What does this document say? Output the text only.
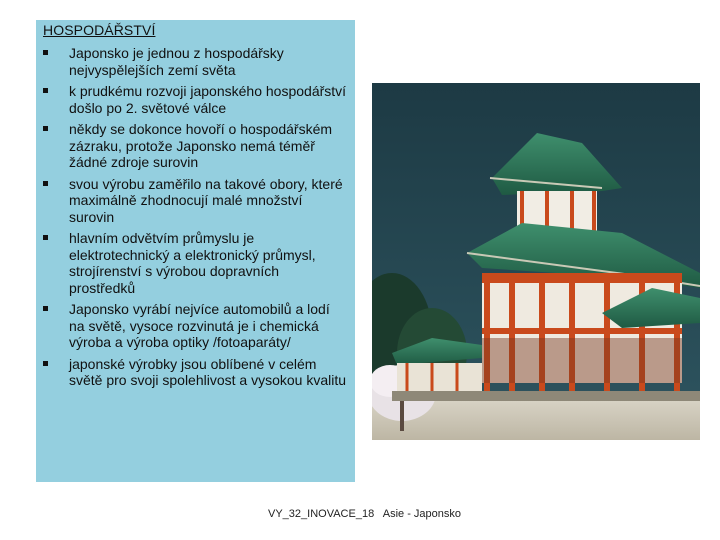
HOSPODÁŘSTVÍ
Japonsko je jednou z hospodářsky nejvyspělejších zemí světa
k prudkému rozvoji japonského hospodářství došlo po 2. světové válce
někdy se dokonce hovoří o hospodářském zázraku, protože Japonsko nemá téměř žádné zdroje surovin
svou výrobu zaměřilo na takové obory, které maximálně zhodnocují malé množství surovin
hlavním odvětvím průmyslu je elektrotechnický a elektronický průmysl, strojírenství s výrobou dopravních prostředků
Japonsko vyrábí nejvíce automobilů a lodí na světě, vysoce rozvinutá je i chemická výroba a výroba optiky /fotoaparáty/
japonské výrobky jsou oblíbené v celém světě pro svoji spolehlivost a vysokou kvalitu
VY_32_INOVACE_18   Asie - Japonsko
